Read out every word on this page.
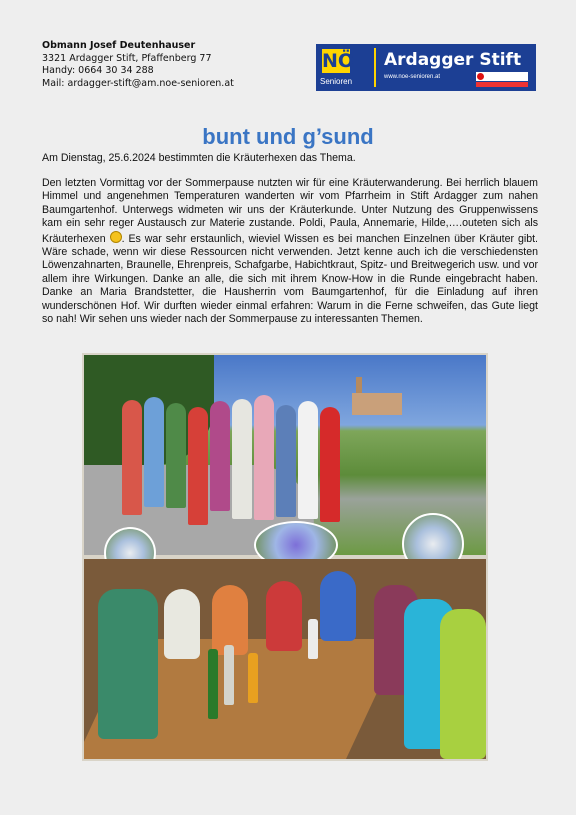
Obmann Josef Deutenhauser
3321 Ardagger Stift, Pfaffenberg 77
Handy: 0664 30 34 288
Mail: ardagger-stift@am.noe-senioren.at
NÖ
Senioren
Ardagger Stift
www.noe-senioren.at
bunt und g’sund
Am Dienstag, 25.6.2024 bestimmten die Kräuterhexen das Thema.
Den letzten Vormittag vor der Sommerpause nutzten wir für eine Kräuterwanderung. Bei herrlich blauem Himmel und angenehmen Temperaturen wanderten wir vom Pfarrheim in Stift Ardagger zum nahen Baumgartenhof. Unterwegs widmeten wir uns der Kräuterkunde. Unter Nutzung des Gruppenwissens kam ein sehr reger Austausch zur Materie zustande. Poldi, Paula, Annemarie, Hilde,….outeten sich als Kräuterhexen . Es war sehr erstaunlich, wieviel Wissen es bei manchen Einzelnen über Kräuter gibt. Wäre schade, wenn wir diese Ressourcen nicht verwenden. Jetzt kenne auch ich die verschiedensten Löwenzahnarten, Braunelle, Ehrenpreis, Schafgarbe, Habichtkraut, Spitz- und Breitwegerich usw. und vor allem ihre Wirkungen. Danke an alle, die sich mit ihrem Know-How in die Runde eingebracht haben. Danke an Maria Brandstetter, die Hausherrin vom Baumgartenhof, für die Einladung auf ihren wunderschönen Hof. Wir durften wieder einmal erfahren: Warum in die Ferne schweifen, das Gute liegt so nah! Wir sehen uns wieder nach der Sommerpause zu interessanten Themen.
